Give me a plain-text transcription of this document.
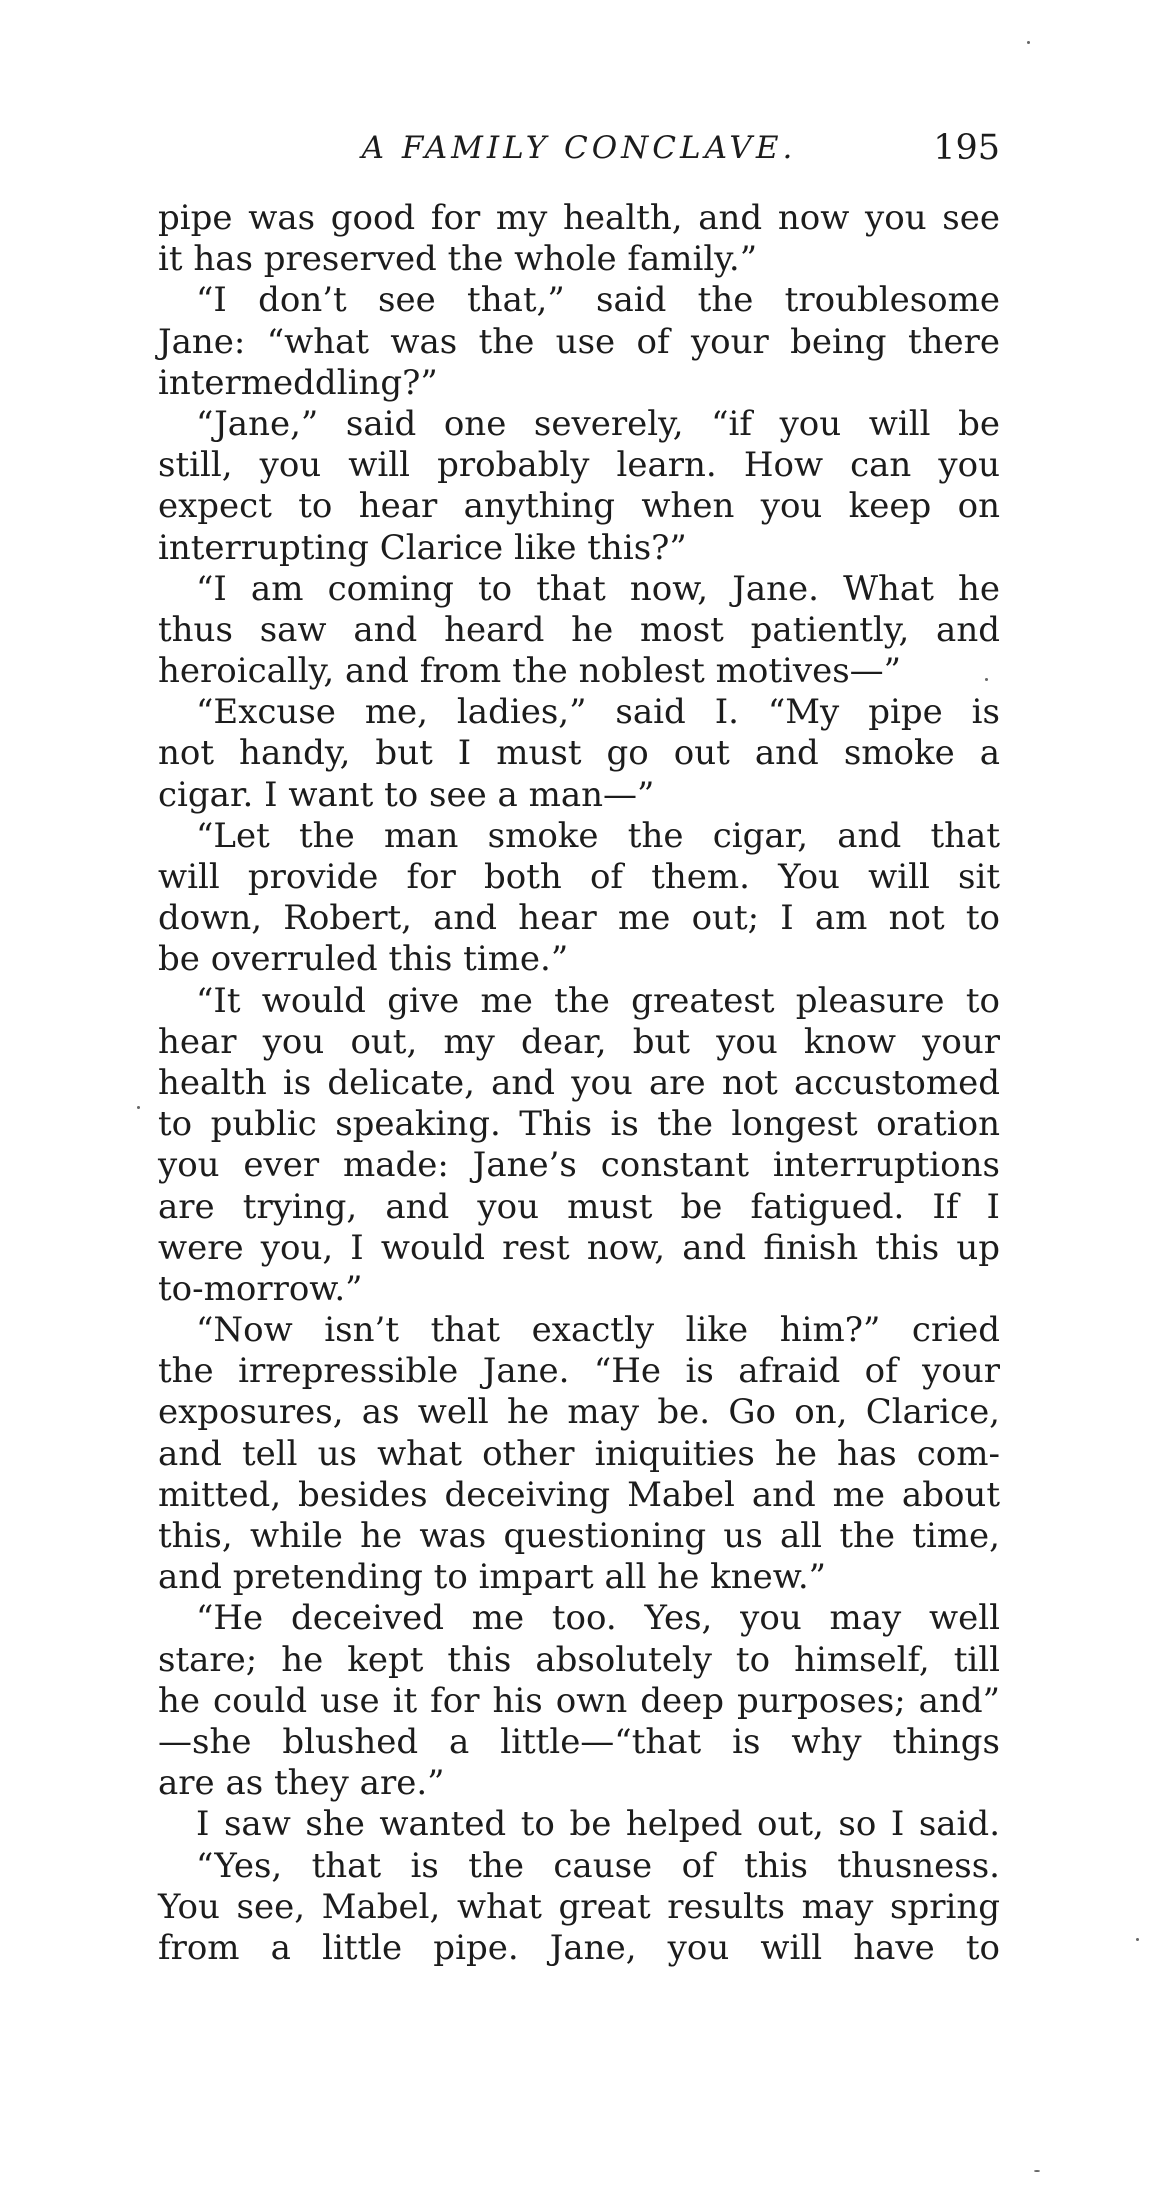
A FAMILY CONCLAVE.	195
pipe was good for my health, and now you see
it has preserved the whole family.”
“I don’t see that,” said the troublesome
Jane: “what was the use of your being there
intermeddling?”
“Jane,” said one severely, “if you will be
still, you will probably learn. How can you
expect to hear anything when you keep on
interrupting Clarice like this?”
“I am coming to that now, Jane. What he
thus saw and heard he most patiently, and
heroically, and from the noblest motives—”
“Excuse me, ladies,” said I. “My pipe is
not handy, but I must go out and smoke a
cigar. I want to see a man—”
“Let the man smoke the cigar, and that
will provide for both of them. You will sit
down, Robert, and hear me out; I am not to
be overruled this time.”
“It would give me the greatest pleasure to
hear you out, my dear, but you know your
health is delicate, and you are not accustomed
to public speaking. This is the longest oration
you ever made: Jane’s constant interruptions
are trying, and you must be fatigued. If I
were you, I would rest now, and finish this up
to-morrow.”
“Now isn’t that exactly like him?” cried
the irrepressible Jane. “He is afraid of your
exposures, as well he may be. Go on, Clarice,
and tell us what other iniquities he has com-
mitted, besides deceiving Mabel and me about
this, while he was questioning us all the time,
and pretending to impart all he knew.”
“He deceived me too. Yes, you may well
stare; he kept this absolutely to himself, till
he could use it for his own deep purposes; and”
—she blushed a little—“that is why things
are as they are.”
I saw she wanted to be helped out, so I said.
“Yes, that is the cause of this thusness.
You see, Mabel, what great results may spring
from a little pipe. Jane, you will have to
